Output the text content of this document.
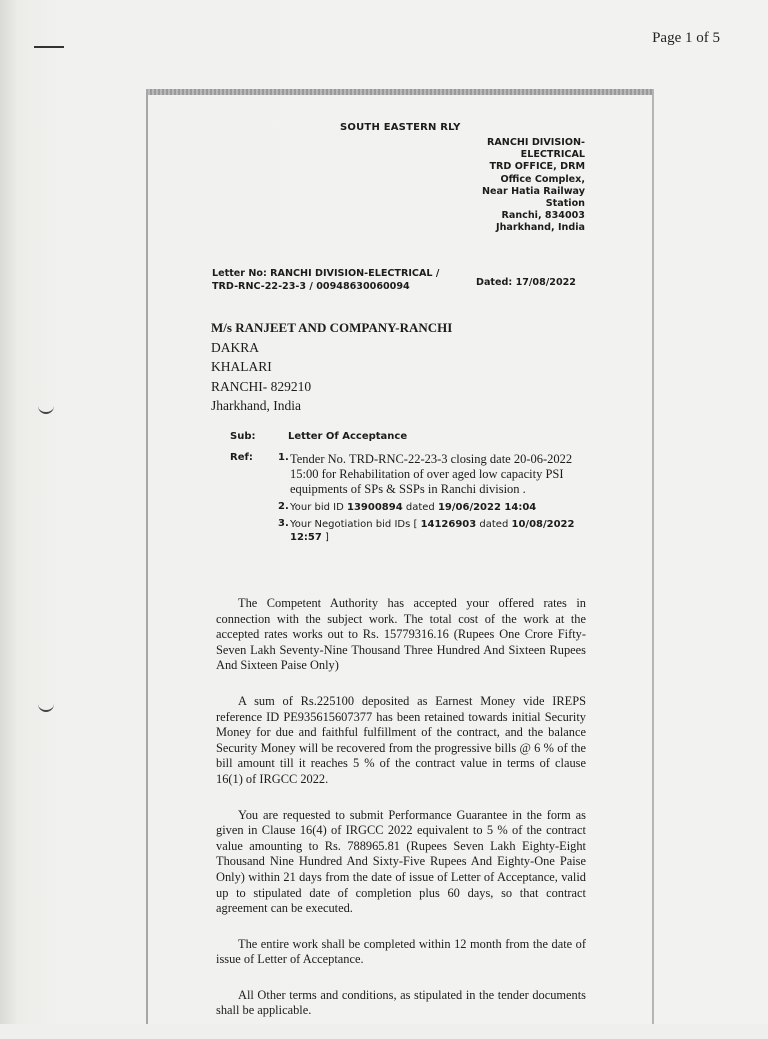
Page 1 of 5
SOUTH EASTERN RLY
RANCHI DIVISION-
ELECTRICAL
TRD OFFICE, DRM
Office Complex,
Near Hatia Railway
Station
Ranchi, 834003
Jharkhand, India
Letter No: RANCHI DIVISION-ELECTRICAL /
TRD-RNC-22-23-3 / 00948630060094	Dated: 17/08/2022
M/s RANJEET AND COMPANY-RANCHI
DAKRA
KHALARI
RANCHI- 829210
Jharkhand, India
Sub:	Letter Of Acceptance
Ref:	1. Tender No. TRD-RNC-22-23-3 closing date 20-06-2022 15:00 for Rehabilitation of over aged low capacity PSI equipments of SPs & SSPs in Ranchi division .
2. Your bid ID 13900894 dated 19/06/2022 14:04
3. Your Negotiation bid IDs [ 14126903 dated 10/08/2022 12:57 ]

The Competent Authority has accepted your offered rates in connection with the subject work. The total cost of the work at the accepted rates works out to Rs. 15779316.16 (Rupees One Crore Fifty-Seven Lakh Seventy-Nine Thousand Three Hundred And Sixteen Rupees And Sixteen Paise Only)

A sum of Rs.225100 deposited as Earnest Money vide IREPS reference ID PE935615607377 has been retained towards initial Security Money for due and faithful fulfillment of the contract, and the balance Security Money will be recovered from the progressive bills @ 6 % of the bill amount till it reaches 5 % of the contract value in terms of clause 16(1) of IRGCC 2022.

You are requested to submit Performance Guarantee in the form as given in Clause 16(4) of IRGCC 2022 equivalent to 5 % of the contract value amounting to Rs. 788965.81 (Rupees Seven Lakh Eighty-Eight Thousand Nine Hundred And Sixty-Five Rupees And Eighty-One Paise Only) within 21 days from the date of issue of Letter of Acceptance, valid up to stipulated date of completion plus 60 days, so that contract agreement can be executed.

The entire work shall be completed within 12 month from the date of issue of Letter of Acceptance.

All Other terms and conditions, as stipulated in the tender documents shall be applicable.
